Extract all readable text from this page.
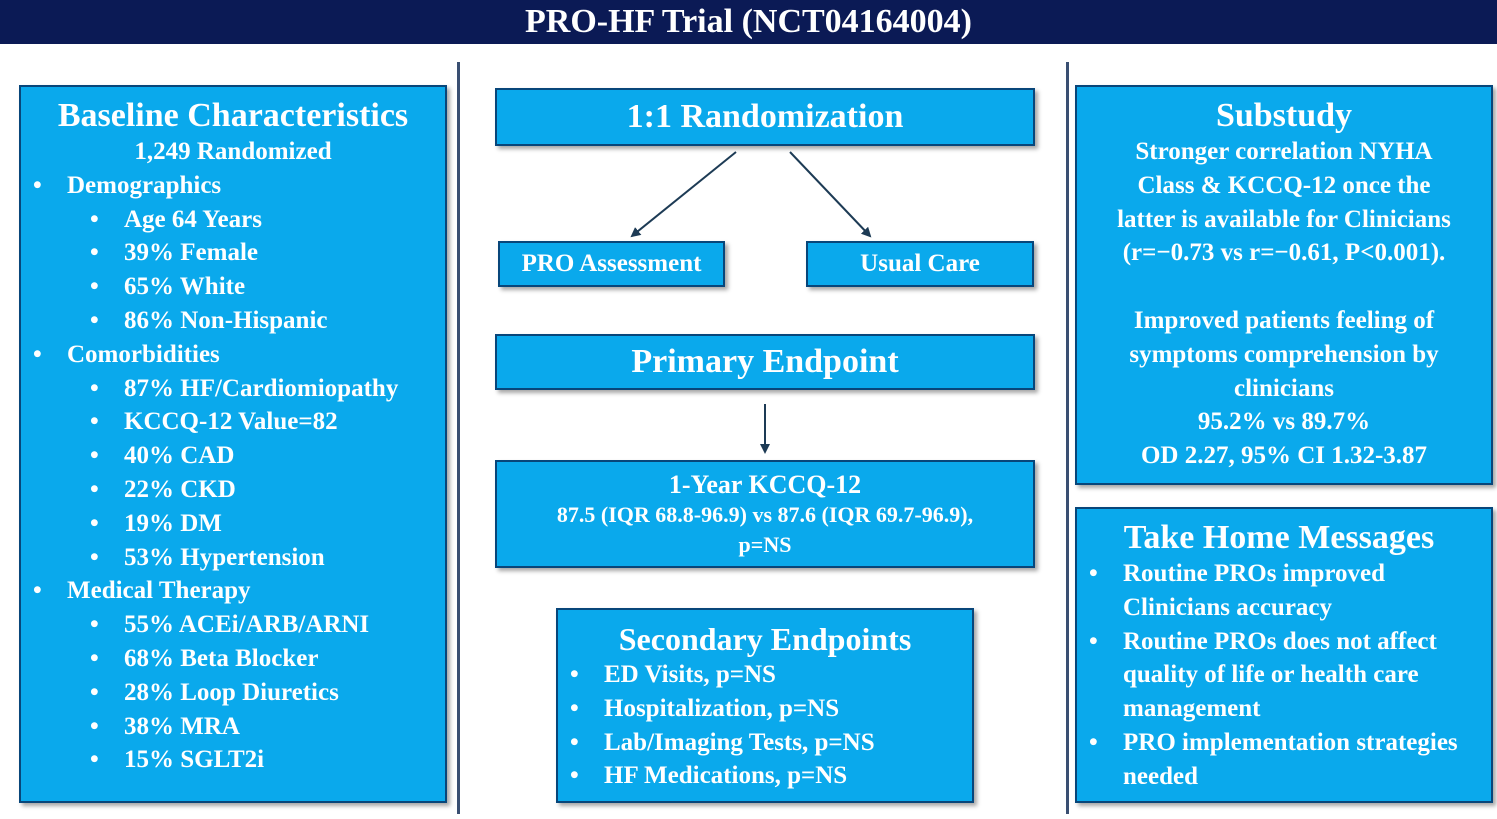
PRO-HF Trial (NCT04164004)
Baseline Characteristics
1,249 Randomized
• Demographics
• Age 64 Years
• 39% Female
• 65% White
• 86% Non-Hispanic
• Comorbidities
• 87% HF/Cardiomiopathy
• KCCQ-12 Value=82
• 40% CAD
• 22% CKD
• 19% DM
• 53% Hypertension
• Medical Therapy
• 55% ACEi/ARB/ARNI
• 68% Beta Blocker
• 28% Loop Diuretics
• 38% MRA
• 15% SGLT2i
1:1 Randomization
PRO Assessment	Usual Care
Primary Endpoint
1-Year KCCQ-12
87.5 (IQR 68.8-96.9) vs 87.6 (IQR 69.7-96.9),
p=NS
Secondary Endpoints
• ED Visits, p=NS
• Hospitalization, p=NS
• Lab/Imaging Tests, p=NS
• HF Medications, p=NS
Substudy
Stronger correlation NYHA
Class & KCCQ-12 once the
latter is available for Clinicians
(r=−0.73 vs r=−0.61, P<0.001).
Improved patients feeling of
symptoms comprehension by
clinicians
95.2% vs 89.7%
OD 2.27, 95% CI 1.32-3.87
Take Home Messages
• Routine PROs improved Clinicians accuracy
• Routine PROs does not affect quality of life or health care management
• PRO implementation strategies needed
